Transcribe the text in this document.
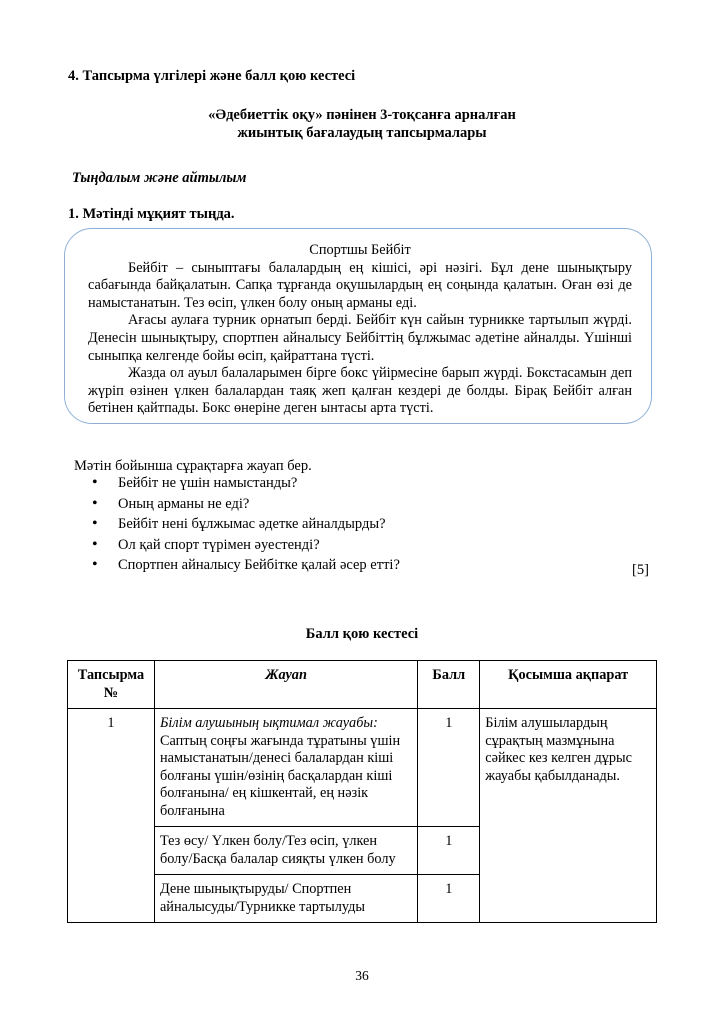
4. Тапсырма үлгілері және балл қою кестесі
«Әдебиеттік оқу» пәнінен 3-тоқсанға арналған
жиынтық бағалаудың тапсырмалары
Тыңдалым және айтылым
1. Мәтінді мұқият тыңда.
Спортшы Бейбіт

Бейбіт – сыныптағы балалардың ең кішісі, әрі нәзігі. Бұл дене шынықтыру сабағында байқалатын. Сапқа тұрғанда оқушылардың ең соңында қалатын. Оған өзі де намыстанатын. Тез өсіп, үлкен болу оның арманы еді.

Ағасы аулаға турник орнатып берді. Бейбіт күн сайын турникке тартылып жүрді. Денесін шынықтыру, спортпен айналысу Бейбіттің бұлжымас әдетіне айналды. Үшінші сыныпқа келгенде бойы өсіп, қайраттана түсті.

Жазда ол ауыл балаларымен бірге бокс үйірмесіне барып жүрді. Бокстасамын деп жүріп өзінен үлкен балалардан таяқ жеп қалған кездері де болды. Бірақ Бейбіт алған бетінен қайтпады. Бокс өнеріне деген ынтасы арта түсті.

Мәтін бойынша сұрақтарға жауап бер.
• Бейбіт не үшін намыстанды?
• Оның арманы не еді?
• Бейбіт нені бұлжымас әдетке айналдырды?
• Ол қай спорт түрімен әуестенді?
• Спортпен айналысу Бейбітке қалай әсер етті?	[5]
Балл қою кестесі
Тапсырма №	Жауап	Балл	Қосымша ақпарат
1	Білім алушының ықтимал жауабы:
Саптың соңғы жағында тұратыны үшін намыстанатын/денесі балалардан кіші болғаны үшін/өзінің басқалардан кіші болғанына/ ең кішкентай, ең нәзік болғанына	1	Білім алушылардың сұрақтың мазмұнына сәйкес кез келген дұрыс жауабы қабылданады.
	Тез өсу/ Үлкен болу/Тез өсіп, үлкен болу/Басқа балалар сияқты үлкен болу	1	
	Дене шынықтыруды/ Спортпен айналысуды/Турникке тартылуды	1	
36
